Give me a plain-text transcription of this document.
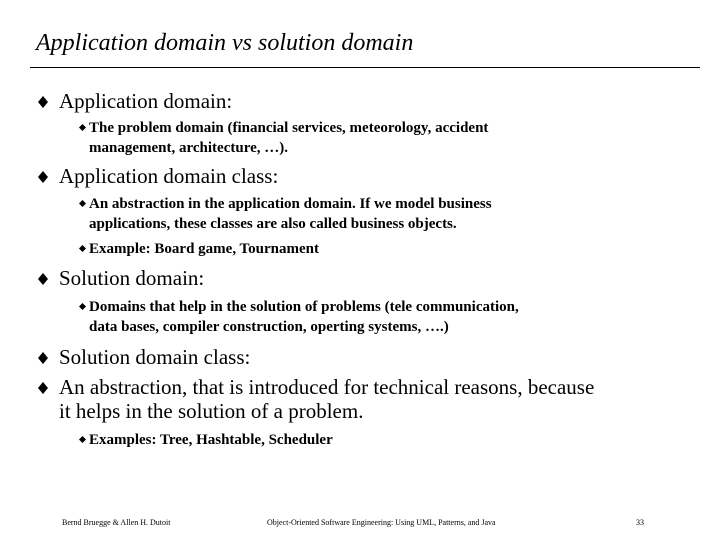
Application domain vs solution domain
Application domain:
The problem domain (financial services, meteorology, accident
management, architecture, …).
Application domain class:
An abstraction in the application domain. If we model business
applications, these classes are also called business objects.
Example: Board game, Tournament
Solution domain:
Domains that help in the solution of problems (tele communication,
data bases, compiler construction, operting systems, ….)
Solution domain class:
An abstraction, that is introduced for technical reasons, because
it helps in the solution of a problem.
Examples: Tree, Hashtable, Scheduler
Bernd Bruegge & Allen H. Dutoit	Object-Oriented Software Engineering: Using UML, Patterns, and Java	33
